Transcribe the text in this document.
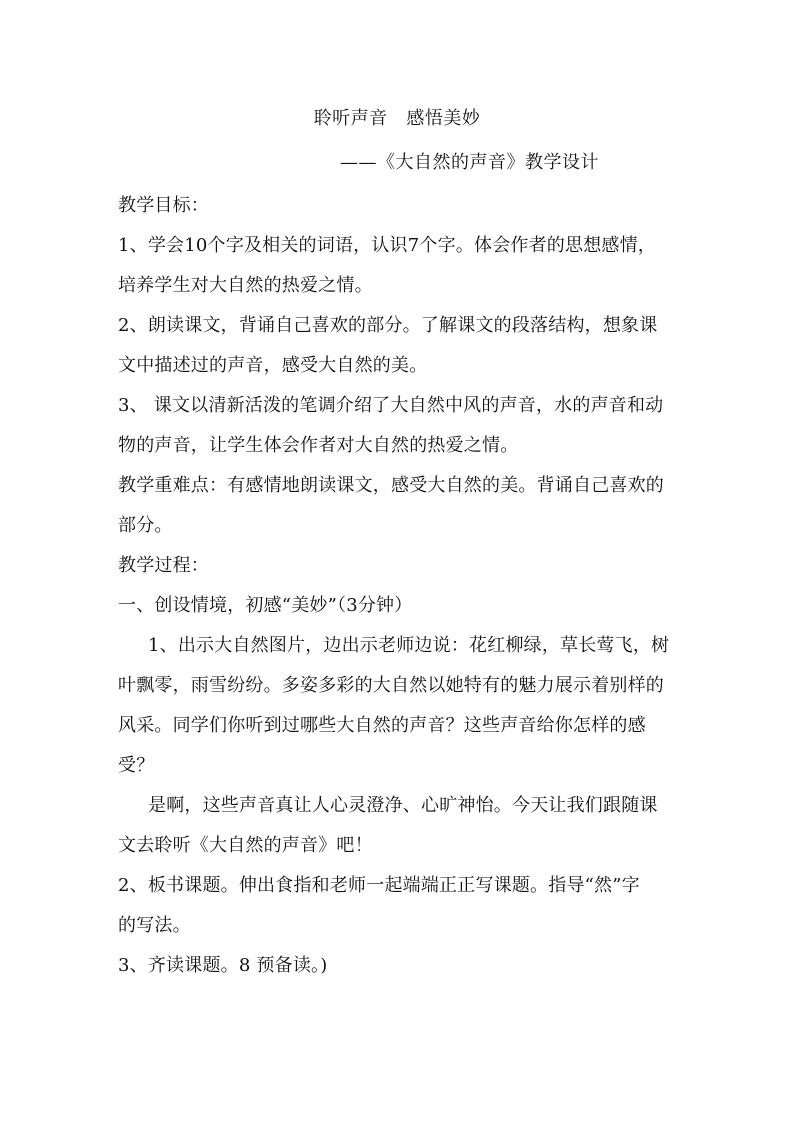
聆听声音   感悟美妙
——《大自然的声音》教学设计
教学目标：
1、学会10个字及相关的词语，认识7个字。体会作者的思想感情，
培养学生对大自然的热爱之情。
2、朗读课文，背诵自己喜欢的部分。了解课文的段落结构，想象课
文中描述过的声音，感受大自然的美。
3、 课文以清新活泼的笔调介绍了大自然中风的声音，水的声音和动
物的声音，让学生体会作者对大自然的热爱之情。
教学重难点：有感情地朗读课文，感受大自然的美。背诵自己喜欢的
部分。
教学过程：
一、创设情境，初感“美妙”（3分钟）
1、出示大自然图片，边出示老师边说：花红柳绿，草长莺飞，树
叶飘零，雨雪纷纷。多姿多彩的大自然以她特有的魅力展示着别样的
风采。同学们你听到过哪些大自然的声音？这些声音给你怎样的感
受？
是啊，这些声音真让人心灵澄净、心旷神怡。今天让我们跟随课
文去聆听《大自然的声音》吧！
2、板书课题。伸出食指和老师一起端端正正写课题。指导“然”字
的写法。
3、齐读课题。8 预备读。)
